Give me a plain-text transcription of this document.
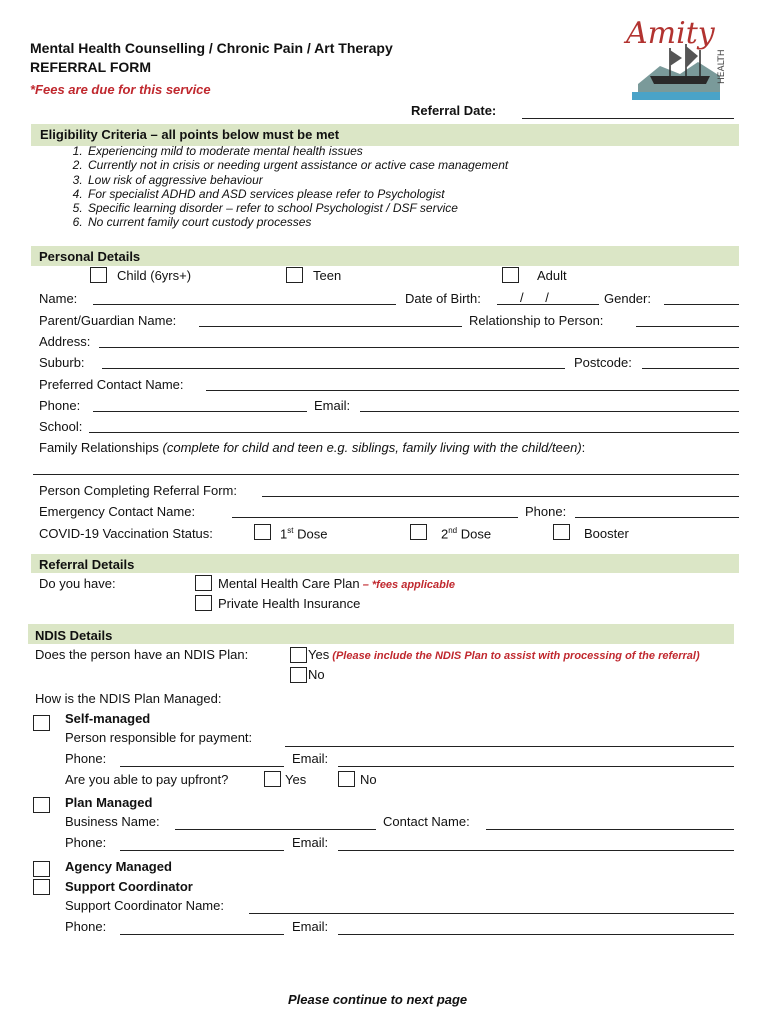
Mental Health Counselling / Chronic Pain / Art Therapy
REFERRAL FORM
*Fees are due for this service
Referral Date:
HEALTH
Amity
Eligibility Criteria – all points below must be met
1. Experiencing mild to moderate mental health issues
2. Currently not in crisis or needing urgent assistance or active case management
3. Low risk of aggressive behaviour
4. For specialist ADHD and ASD services please refer to Psychologist
5. Specific learning disorder – refer to school Psychologist / DSF service
6. No current family court custody processes
Personal Details
Child (6yrs+)	Teen	Adult
Name:	Date of Birth:	/      /	Gender:
Parent/Guardian Name:	Relationship to Person:
Address:
Suburb:	Postcode:
Preferred Contact Name:
Phone:	Email:
School:
Family Relationships (complete for child and teen e.g. siblings, family living with the child/teen):
Person Completing Referral Form:
Emergency Contact Name:	Phone:
COVID-19 Vaccination Status:	1st Dose	2nd Dose	Booster
Referral Details
Do you have:	Mental Health Care Plan – *fees applicable
Private Health Insurance
NDIS Details
Does the person have an NDIS Plan:	Yes (Please include the NDIS Plan to assist with processing of the referral)
No
How is the NDIS Plan Managed:
Self-managed
Person responsible for payment:
Phone:	Email:
Are you able to pay upfront?	Yes	No
Plan Managed
Business Name:	Contact Name:
Phone:	Email:
Agency Managed
Support Coordinator
Support Coordinator Name:
Phone:	Email:
Please continue to next page
